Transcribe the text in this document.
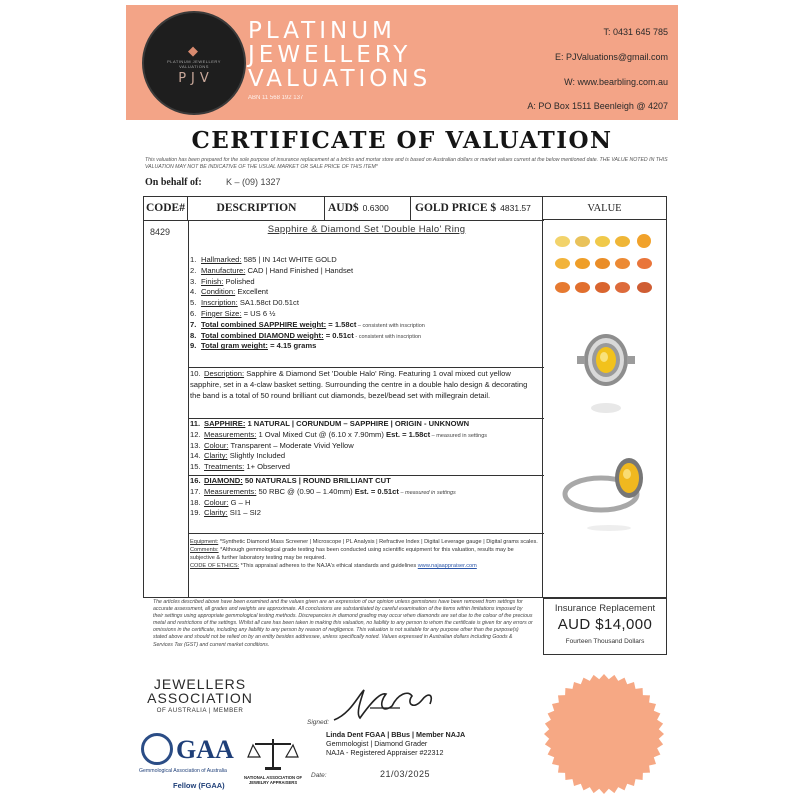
◆
PLATINUM JEWELLERY VALUATIONS
PJV
PLATINUM
JEWELLERY
VALUATIONS
ABN 11 568 192 137
T: 0431 645 785
E: PJValuations@gmail.com
W: www.bearbling.com.au
A: PO Box 1511 Beenleigh @ 4207
CERTIFICATE OF VALUATION
This valuation has been prepared for the sole purpose of insurance replacement at a bricks and mortar store and is based on Australian dollars or market values current at the below mentioned date. THE VALUE NOTED IN THIS VALUATION MAY NOT BE INDICATIVE OF THE USUAL MARKET OR SALE PRICE OF THIS ITEM*
On behalf of:	K – (09) 1327
CODE#	DESCRIPTION	AUD$ 0.6300	GOLD PRICE $ 4831.57
8429	Sapphire & Diamond Set 'Double Halo' Ring
1. Hallmarked: 585 | IN 14ct WHITE GOLD
2. Manufacture: CAD | Hand Finished | Handset
3. Finish: Polished
4. Condition: Excellent
5. Inscription: SA1.58ct D0.51ct
6. Finger Size: = US 6 ½
7. Total combined SAPPHIRE weight: = 1.58ct – consistent with inscription
8. Total combined DIAMOND weight: = 0.51ct - consistent with inscription
9. Total gram weight: = 4.15 grams
10. Description: Sapphire & Diamond Set 'Double Halo' Ring. Featuring 1 oval mixed cut yellow sapphire, set in a 4-claw basket setting. Surrounding the centre in a double halo design & decorating the band is a total of 50 round brilliant cut diamonds, bezel/bead set with millegrain detail.
11. SAPPHIRE: 1 NATURAL | CORUNDUM – SAPPHIRE | ORIGIN - UNKNOWN
12. Measurements: 1 Oval Mixed Cut @ (6.10 x 7.90mm) Est. = 1.58ct – measured in settings
13. Colour: Transparent – Moderate Vivid Yellow
14. Clarity: Slightly Included
15. Treatments: 1+ Observed
16. DIAMOND: 50 NATURALS | ROUND BRILLIANT CUT
17. Measurements: 50 RBC @ (0.90 – 1.40mm) Est. = 0.51ct – measured in settings
18. Colour: G – H
19. Clarity: SI1 – SI2
Equipment: *Synthetic Diamond Mass Screener | Microscope | PL Analysis | Refractive Index | Digital Leverage gauge | Digital grams scales.
Comments: *Although gemmological grade testing has been conducted using scientific equipment for this valuation, results may be subjective & further laboratory testing may be required.
CODE OF ETHICS: *This appraisal adheres to the NAJA's ethical standards and guidelines www.najaappraiser.com
VALUE
The articles described above have been examined and the values given are an expression of our opinion unless gemstones have been removed from settings for accurate assessment, all grades and weights are approximate. All conclusions are substantiated by careful examination of the items within limitations imposed by their settings using appropriate gemmological testing methods. Discrepancies in diamond grading may occur when diamonds are set due to the colour of the precious metal and restrictions of the settings. Whilst all care has been taken in making this valuation, no liability to any person to whom the certificate is given for any errors or omissions in the certificate, including any liability to any person by reason of negligence. This valuation is not suitable for any purpose other than the purpose(s) stated above and should not be relied on by an entity besides addressee, unless specifically noted. Values expressed in Australian dollars including Goods & Services Tax (GST) and current market conditions.
Insurance Replacement
AUD $14,000
Fourteen Thousand Dollars
JEWELLERS
ASSOCIATION
OF AUSTRALIA | MEMBER
GAA
Gemmological Association of Australia
Fellow (FGAA)
NATIONAL ASSOCIATION OF JEWELRY APPRAISERS
Signed:
Linda Dent FGAA | BBus | Member NAJA
Gemmologist | Diamond Grader
NAJA - Registered Appraiser #22312
Date:	21/03/2025
